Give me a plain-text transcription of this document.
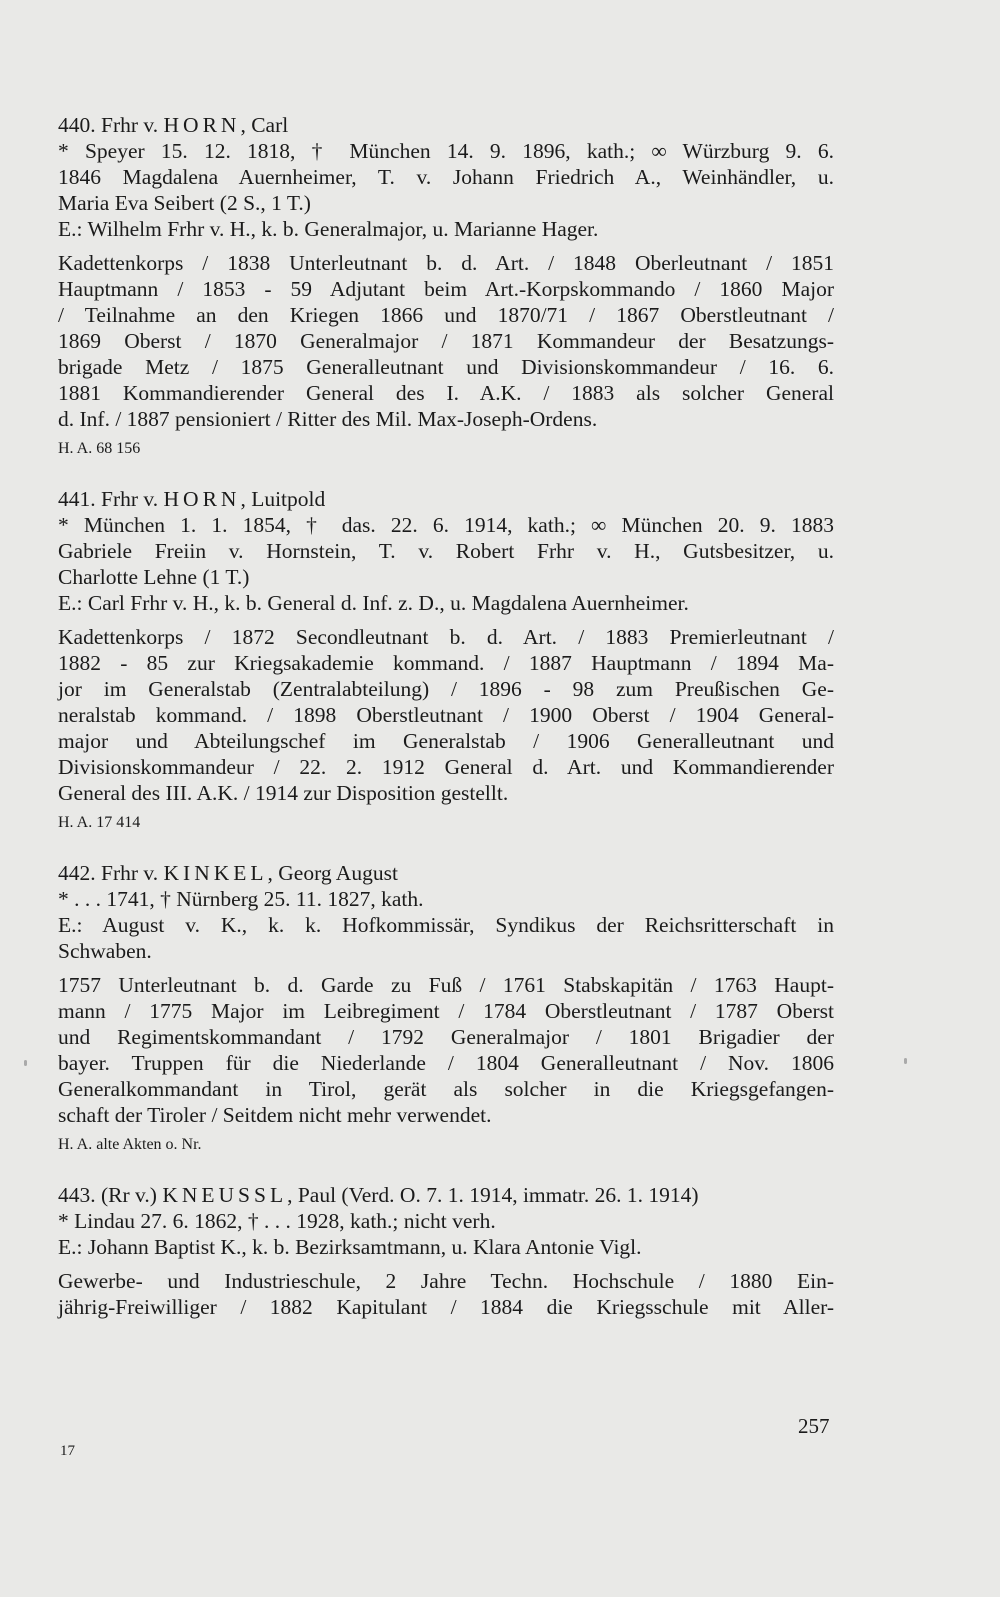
440. Frhr v. HORN, Carl
* Speyer 15. 12. 1818, † München 14. 9. 1896, kath.; ∞ Würzburg 9. 6.
1846 Magdalena Auernheimer, T. v. Johann Friedrich A., Weinhändler, u.
Maria Eva Seibert (2 S., 1 T.)
E.: Wilhelm Frhr v. H., k. b. Generalmajor, u. Marianne Hager.
Kadettenkorps / 1838 Unterleutnant b. d. Art. / 1848 Oberleutnant / 1851
Hauptmann / 1853 - 59 Adjutant beim Art.-Korpskommando / 1860 Major
/ Teilnahme an den Kriegen 1866 und 1870/71 / 1867 Oberstleutnant /
1869 Oberst / 1870 Generalmajor / 1871 Kommandeur der Besatzungs-
brigade Metz / 1875 Generalleutnant und Divisionskommandeur / 16. 6.
1881 Kommandierender General des I. A.K. / 1883 als solcher General
d. Inf. / 1887 pensioniert / Ritter des Mil. Max-Joseph-Ordens.
H. A. 68 156
441. Frhr v. HORN, Luitpold
* München 1. 1. 1854, † das. 22. 6. 1914, kath.; ∞ München 20. 9. 1883
Gabriele Freiin v. Hornstein, T. v. Robert Frhr v. H., Gutsbesitzer, u.
Charlotte Lehne (1 T.)
E.: Carl Frhr v. H., k. b. General d. Inf. z. D., u. Magdalena Auernheimer.
Kadettenkorps / 1872 Secondleutnant b. d. Art. / 1883 Premierleutnant /
1882 - 85 zur Kriegsakademie kommand. / 1887 Hauptmann / 1894 Ma-
jor im Generalstab (Zentralabteilung) / 1896 - 98 zum Preußischen Ge-
neralstab kommand. / 1898 Oberstleutnant / 1900 Oberst / 1904 General-
major und Abteilungschef im Generalstab / 1906 Generalleutnant und
Divisionskommandeur / 22. 2. 1912 General d. Art. und Kommandierender
General des III. A.K. / 1914 zur Disposition gestellt.
H. A. 17 414
442. Frhr v. KINKEL, Georg August
* . . . 1741, † Nürnberg 25. 11. 1827, kath.
E.: August v. K., k. k. Hofkommissär, Syndikus der Reichsritterschaft in
Schwaben.
1757 Unterleutnant b. d. Garde zu Fuß / 1761 Stabskapitän / 1763 Haupt-
mann / 1775 Major im Leibregiment / 1784 Oberstleutnant / 1787 Oberst
und Regimentskommandant / 1792 Generalmajor / 1801 Brigadier der
bayer. Truppen für die Niederlande / 1804 Generalleutnant / Nov. 1806
Generalkommandant in Tirol, gerät als solcher in die Kriegsgefangen-
schaft der Tiroler / Seitdem nicht mehr verwendet.
H. A. alte Akten o. Nr.
443. (Rr v.) KNEUSSL, Paul (Verd. O. 7. 1. 1914, immatr. 26. 1. 1914)
* Lindau 27. 6. 1862, † . . . 1928, kath.; nicht verh.
E.: Johann Baptist K., k. b. Bezirksamtmann, u. Klara Antonie Vigl.
Gewerbe- und Industrieschule, 2 Jahre Techn. Hochschule / 1880 Ein-
jährig-Freiwilliger / 1882 Kapitulant / 1884 die Kriegsschule mit Aller-
257
17
